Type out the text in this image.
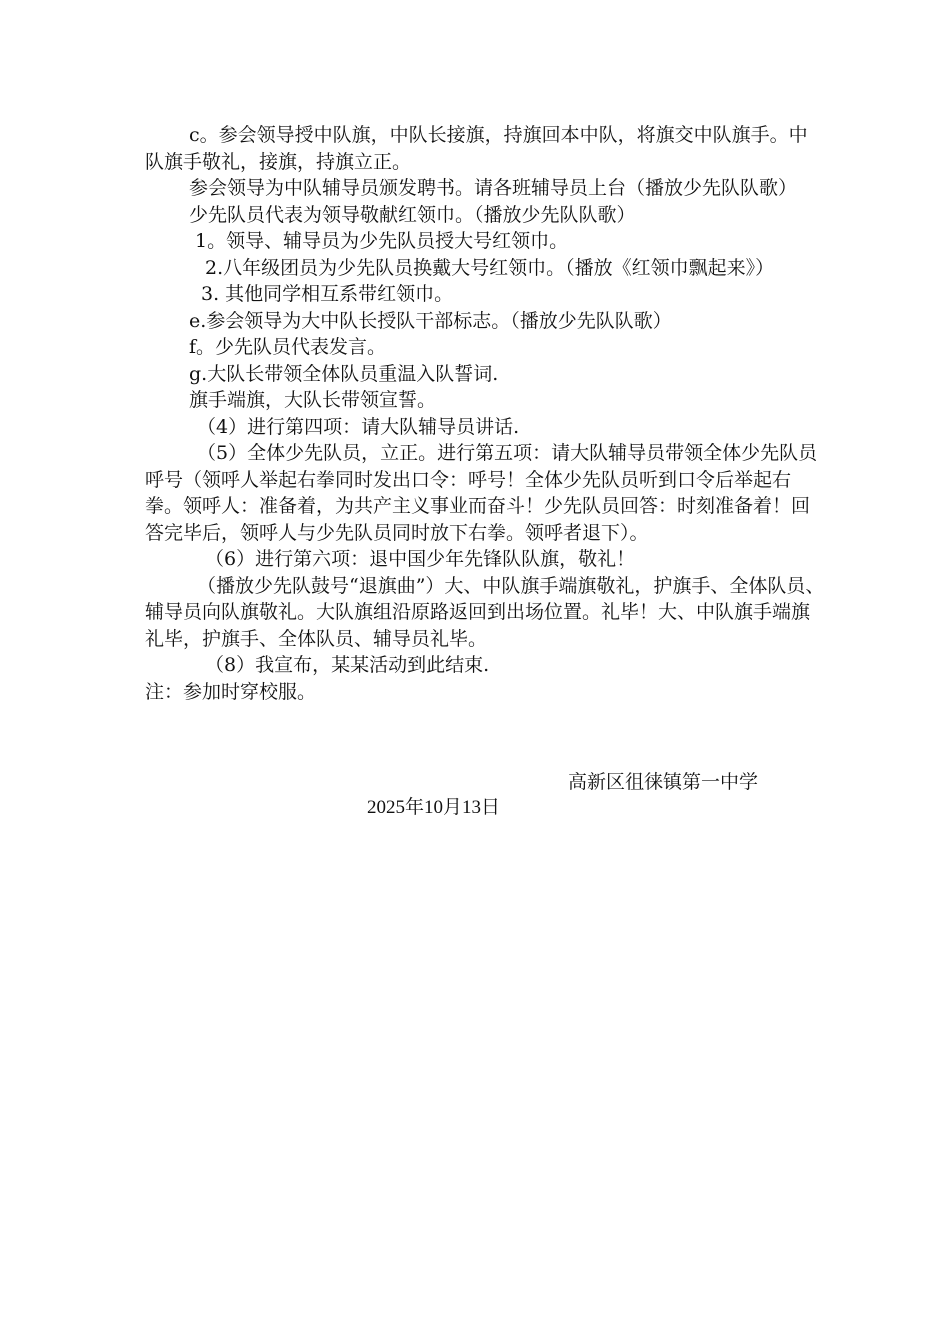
c。参会领导授中队旗，中队长接旗，持旗回本中队，将旗交中队旗手。中队旗手敬礼，接旗，持旗立正。

参会领导为中队辅导员颁发聘书。请各班辅导员上台（播放少先队队歌）

少先队员代表为领导敬献红领巾。（播放少先队队歌）

1。领导、辅导员为少先队员授大号红领巾。

2.八年级团员为少先队员换戴大号红领巾。（播放《红领巾飘起来》）

3. 其他同学相互系带红领巾。

e.参会领导为大中队长授队干部标志。（播放少先队队歌）

f。少先队员代表发言。

g.大队长带领全体队员重温入队誓词.

旗手端旗，大队长带领宣誓。

（4）进行第四项：请大队辅导员讲话.

（5）全体少先队员，立正。进行第五项：请大队辅导员带领全体少先队员呼号（领呼人举起右拳同时发出口令：呼号！全体少先队员听到口令后举起右拳。领呼人：准备着，为共产主义事业而奋斗！少先队员回答：时刻准备着！回答完毕后，领呼人与少先队员同时放下右拳。领呼者退下）。

（6）进行第六项：退中国少年先锋队队旗，敬礼！

（播放少先队鼓号“退旗曲”）大、中队旗手端旗敬礼，护旗手、全体队员、辅导员向队旗敬礼。大队旗组沿原路返回到出场位置。礼毕！大、中队旗手端旗礼毕，护旗手、全体队员、辅导员礼毕。

（8）我宣布，某某活动到此结束.

注：参加时穿校服。

高新区徂徕镇第一中学
2025年10月13日
